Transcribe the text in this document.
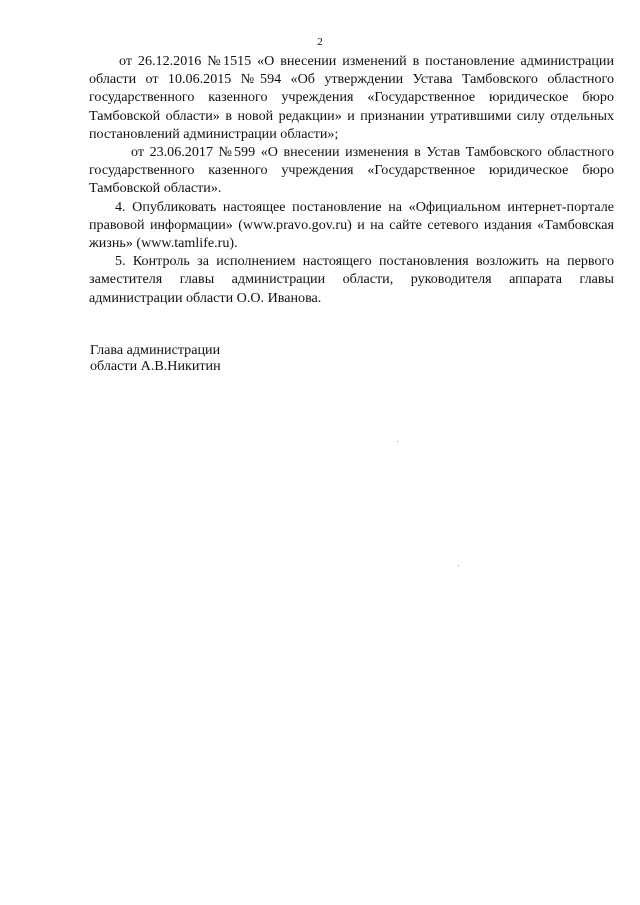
2

от 26.12.2016 №1515 «О внесении изменений в постановление администрации области от 10.06.2015 №594 «Об утверждении Устава Тамбовского областного государственного казенного учреждения «Государственное юридическое бюро Тамбовской области» в новой редакции» и признании утратившими силу отдельных постановлений администрации области»;

от 23.06.2017 №599 «О внесении изменения в Устав Тамбовского областного государственного казенного учреждения «Государственное юридическое бюро Тамбовской области».

4. Опубликовать настоящее постановление на «Официальном интернет-портале правовой информации» (www.pravo.gov.ru) и на сайте сетевого издания «Тамбовская жизнь» (www.tamlife.ru).

5. Контроль за исполнением настоящего постановления возложить на первого заместителя главы администрации области, руководителя аппарата главы администрации области О.О. Иванова.

Глава администрации
области А.В.Никитин
